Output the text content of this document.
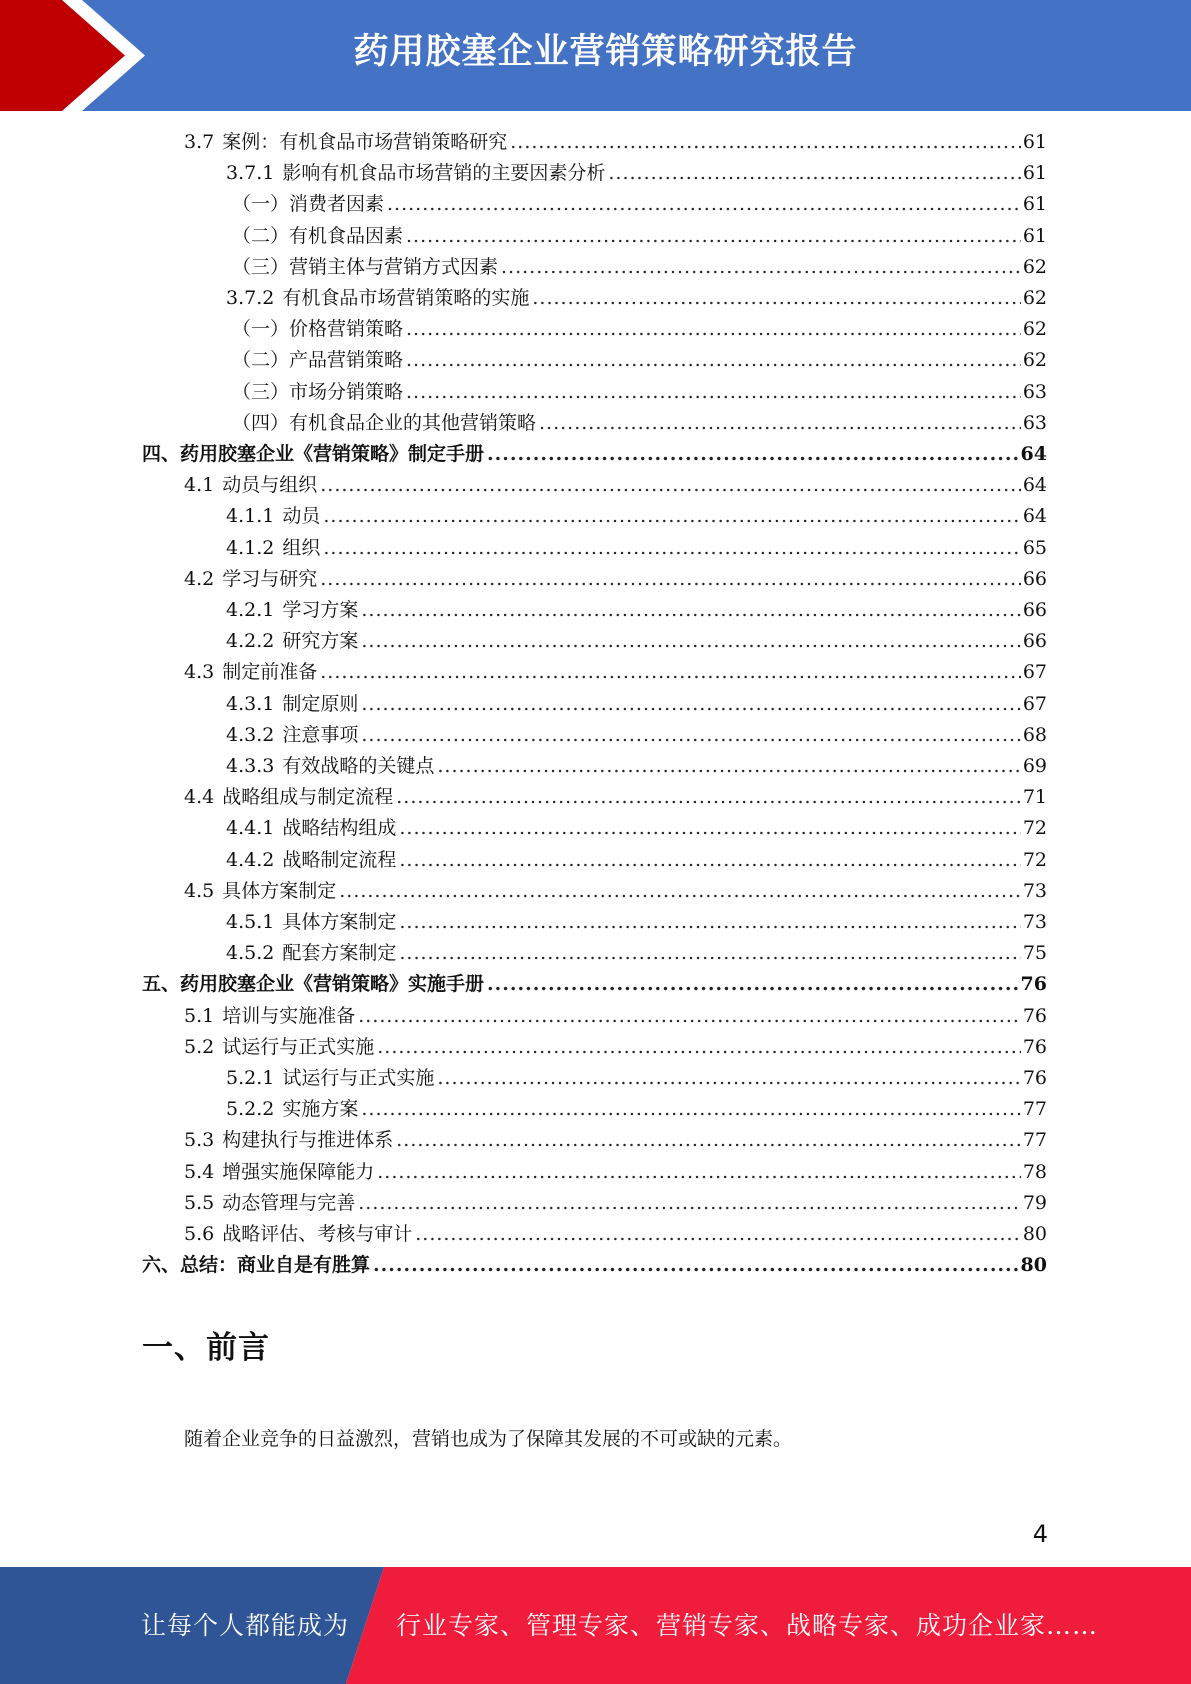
药用胶塞企业营销策略研究报告
3.7 案例：有机食品市场营销策略研究 .....	61
3.7.1 影响有机食品市场营销的主要因素分析 .....	61
（一）消费者因素 .....	61
（二）有机食品因素 .....	61
（三）营销主体与营销方式因素 .....	62
3.7.2 有机食品市场营销策略的实施 .....	62
（一）价格营销策略 .....	62
（二）产品营销策略 .....	62
（三）市场分销策略 .....	63
（四）有机食品企业的其他营销策略 .....	63
四、 药用胶塞企业《营销策略》制定手册 .....	64
4.1 动员与组织 .....	64
4.1.1 动员 .....	64
4.1.2 组织 .....	65
4.2 学习与研究 .....	66
4.2.1 学习方案 .....	66
4.2.2 研究方案 .....	66
4.3 制定前准备 .....	67
4.3.1 制定原则 .....	67
4.3.2 注意事项 .....	68
4.3.3 有效战略的关键点 .....	69
4.4 战略组成与制定流程 .....	71
4.4.1 战略结构组成 .....	72
4.4.2 战略制定流程 .....	72
4.5 具体方案制定 .....	73
4.5.1 具体方案制定 .....	73
4.5.2 配套方案制定 .....	75
五、 药用胶塞企业《营销策略》实施手册 .....	76
5.1 培训与实施准备 .....	76
5.2 试运行与正式实施 .....	76
5.2.1 试运行与正式实施 .....	76
5.2.2 实施方案 .....	77
5.3 构建执行与推进体系 .....	77
5.4 增强实施保障能力 .....	78
5.5 动态管理与完善 .....	79
5.6 战略评估、考核与审计 .....	80
六、 总结：商业自是有胜算 .....	80
一、前言
随着企业竞争的日益激烈，营销也成为了保障其发展的不可或缺的元素。
4
让每个人都能成为 行业专家、管理专家、营销专家、战略专家、成功企业家……
